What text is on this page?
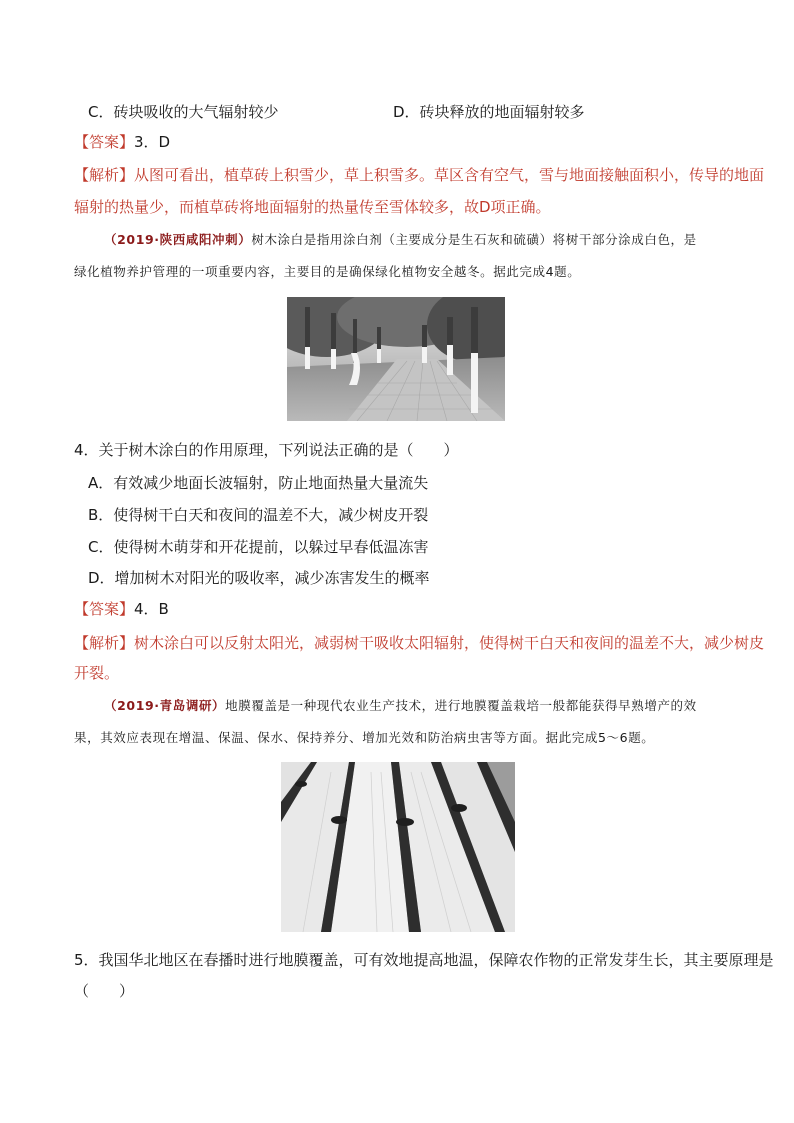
C．砖块吸收的大气辐射较少	D．砖块释放的地面辐射较多
【答案】3．D
【解析】从图可看出，植草砖上积雪少，草上积雪多。草区含有空气，雪与地面接触面积小，传导的地面
辐射的热量少，而植草砖将地面辐射的热量传至雪体较多，故D项正确。
（2019·陕西咸阳冲刺）树木涂白是指用涂白剂（主要成分是生石灰和硫磺）将树干部分涂成白色，是
绿化植物养护管理的一项重要内容，主要目的是确保绿化植物安全越冬。据此完成4题。
4．关于树木涂白的作用原理，下列说法正确的是（　　）
A．有效减少地面长波辐射，防止地面热量大量流失
B．使得树干白天和夜间的温差不大，减少树皮开裂
C．使得树木萌芽和开花提前，以躲过早春低温冻害
D．增加树木对阳光的吸收率，减少冻害发生的概率
【答案】4．B
【解析】树木涂白可以反射太阳光，减弱树干吸收太阳辐射，使得树干白天和夜间的温差不大，减少树皮
开裂。
（2019·青岛调研）地膜覆盖是一种现代农业生产技术，进行地膜覆盖栽培一般都能获得早熟增产的效
果，其效应表现在增温、保温、保水、保持养分、增加光效和防治病虫害等方面。据此完成5～6题。
5．我国华北地区在春播时进行地膜覆盖，可有效地提高地温，保障农作物的正常发芽生长，其主要原理是
（　　）
